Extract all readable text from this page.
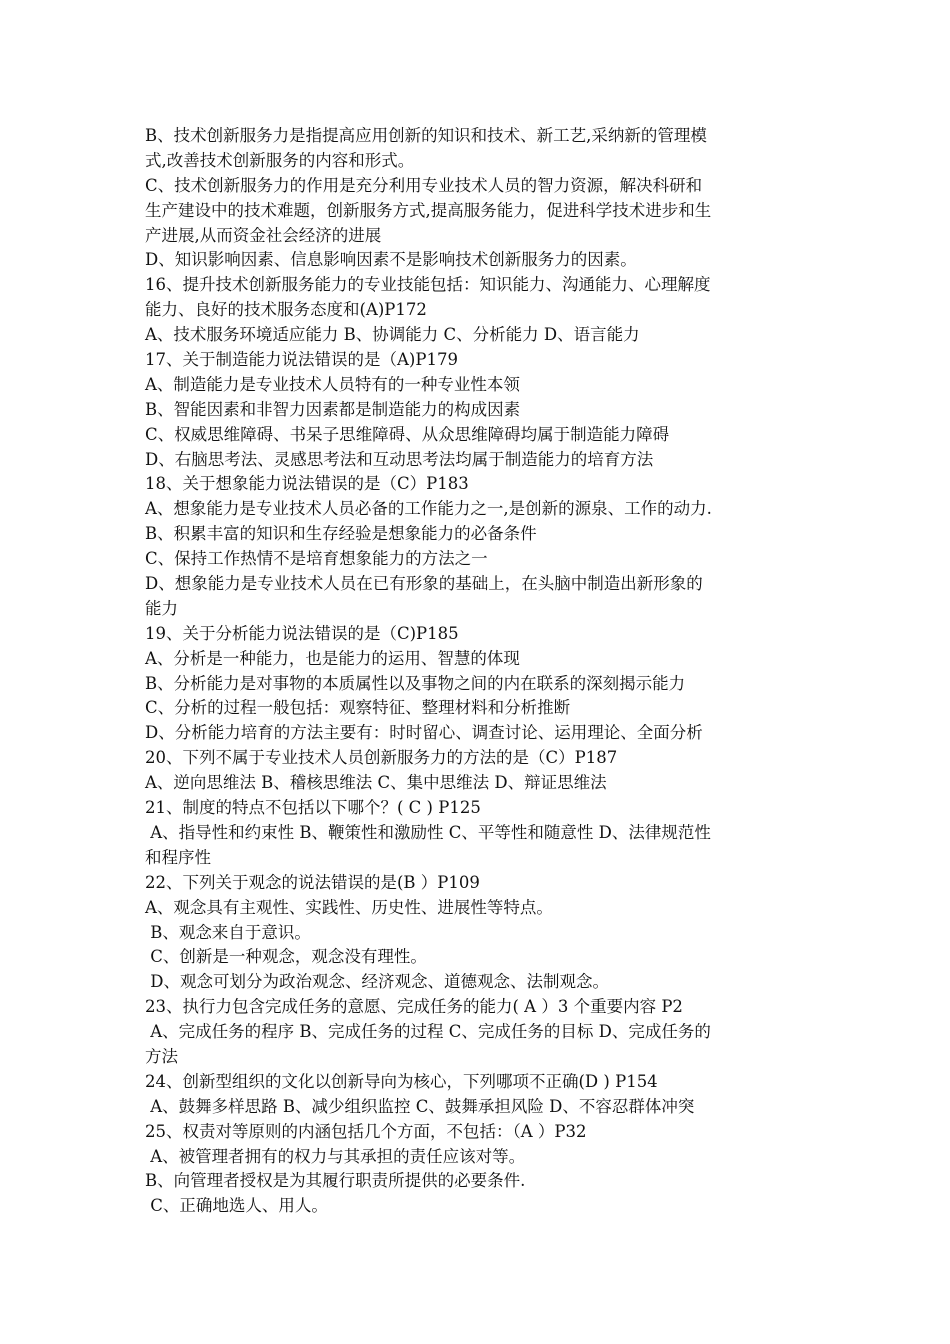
B、技术创新服务力是指提高应用创新的知识和技术、新工艺,采纳新的管理模
式,改善技术创新服务的内容和形式。
C、技术创新服务力的作用是充分利用专业技术人员的智力资源，解决科研和
生产建设中的技术难题，创新服务方式,提高服务能力，促进科学技术进步和生
产进展,从而资金社会经济的进展
D、知识影响因素、信息影响因素不是影响技术创新服务力的因素。
16、提升技术创新服务能力的专业技能包括：知识能力、沟通能力、心理解度
能力、良好的技术服务态度和(A)P172
A、技术服务环境适应能力 B、协调能力 C、分析能力 D、语言能力
17、关于制造能力说法错误的是（A)P179
A、制造能力是专业技术人员特有的一种专业性本领
B、智能因素和非智力因素都是制造能力的构成因素
C、权威思维障碍、书呆子思维障碍、从众思维障碍均属于制造能力障碍
D、右脑思考法、灵感思考法和互动思考法均属于制造能力的培育方法
18、关于想象能力说法错误的是（C）P183
A、想象能力是专业技术人员必备的工作能力之一,是创新的源泉、工作的动力.
B、积累丰富的知识和生存经验是想象能力的必备条件
C、保持工作热情不是培育想象能力的方法之一
D、想象能力是专业技术人员在已有形象的基础上，在头脑中制造出新形象的
能力
19、关于分析能力说法错误的是（C)P185
A、分析是一种能力，也是能力的运用、智慧的体现
B、分析能力是对事物的本质属性以及事物之间的内在联系的深刻揭示能力
C、分析的过程一般包括：观察特征、整理材料和分析推断
D、分析能力培育的方法主要有：时时留心、调查讨论、运用理论、全面分析
20、下列不属于专业技术人员创新服务力的方法的是（C）P187
A、逆向思维法 B、稽核思维法 C、集中思维法 D、辩证思维法
21、制度的特点不包括以下哪个？( C ) P125
A、指导性和约束性 B、鞭策性和激励性 C、平等性和随意性 D、法律规范性
和程序性
22、下列关于观念的说法错误的是(B ）P109
A、观念具有主观性、实践性、历史性、进展性等特点。
B、观念来自于意识。
C、创新是一种观念，观念没有理性。
D、观念可划分为政治观念、经济观念、道德观念、法制观念。
23、执行力包含完成任务的意愿、完成任务的能力( A ）3 个重要内容 P2
A、完成任务的程序 B、完成任务的过程 C、完成任务的目标 D、完成任务的
方法
24、创新型组织的文化以创新导向为核心，下列哪项不正确(D ) P154
A、鼓舞多样思路 B、减少组织监控 C、鼓舞承担风险 D、不容忍群体冲突
25、权责对等原则的内涵包括几个方面，不包括：（A ）P32
A、被管理者拥有的权力与其承担的责任应该对等。
B、向管理者授权是为其履行职责所提供的必要条件.
C、正确地选人、用人。
